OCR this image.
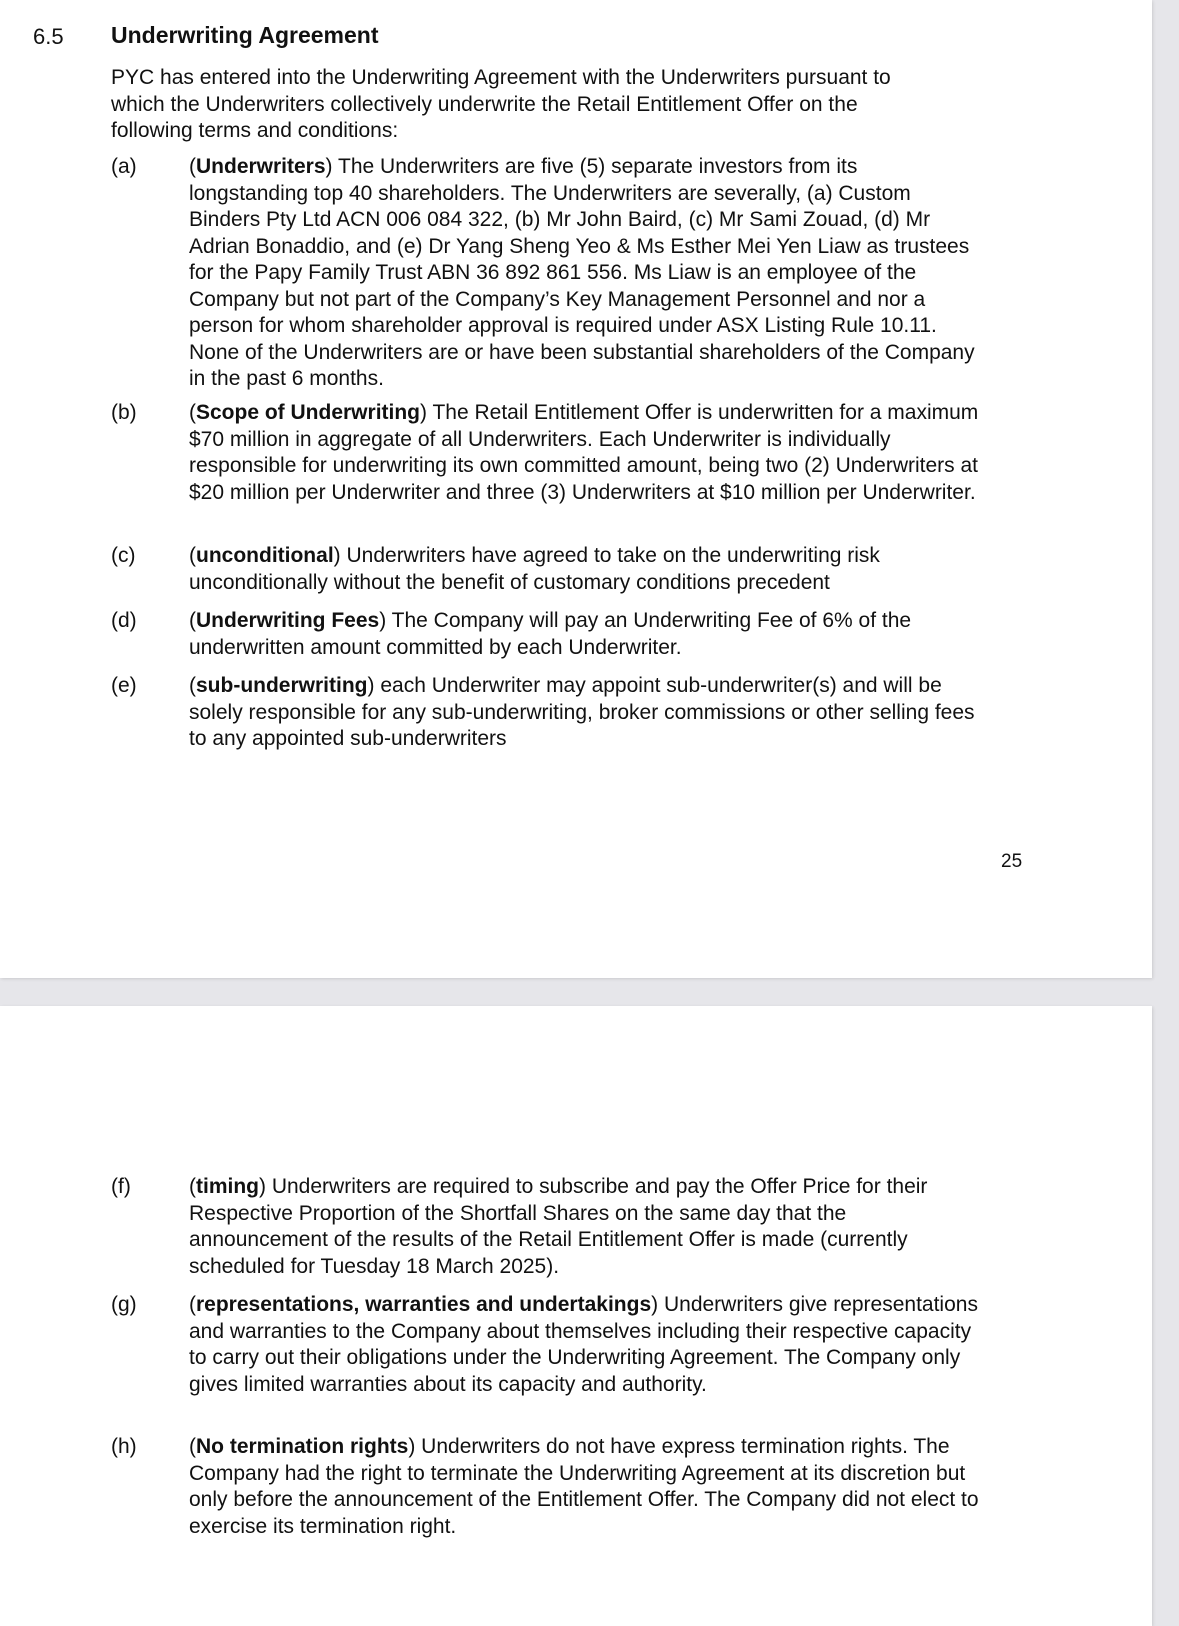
6.5 Underwriting Agreement
PYC has entered into the Underwriting Agreement with the Underwriters pursuant to which the Underwriters collectively underwrite the Retail Entitlement Offer on the following terms and conditions:
(a) (Underwriters) The Underwriters are five (5) separate investors from its longstanding top 40 shareholders. The Underwriters are severally, (a) Custom Binders Pty Ltd ACN 006 084 322, (b) Mr John Baird, (c) Mr Sami Zouad, (d) Mr Adrian Bonaddio, and (e) Dr Yang Sheng Yeo & Ms Esther Mei Yen Liaw as trustees for the Papy Family Trust ABN 36 892 861 556. Ms Liaw is an employee of the Company but not part of the Company’s Key Management Personnel and nor a person for whom shareholder approval is required under ASX Listing Rule 10.11. None of the Underwriters are or have been substantial shareholders of the Company in the past 6 months.
(b) (Scope of Underwriting) The Retail Entitlement Offer is underwritten for a maximum $70 million in aggregate of all Underwriters. Each Underwriter is individually responsible for underwriting its own committed amount, being two (2) Underwriters at $20 million per Underwriter and three (3) Underwriters at $10 million per Underwriter.
(c)	(unconditional) Underwriters have agreed to take on the underwriting risk unconditionally without the benefit of customary conditions precedent
(d) (Underwriting Fees) The Company will pay an Underwriting Fee of 6% of the underwritten amount committed by each Underwriter.
(e) (sub-underwriting) each Underwriter may appoint sub-underwriter(s) and will be solely responsible for any sub-underwriting, broker commissions or other selling fees to any appointed sub-underwriters
25
(f)	(timing) Underwriters are required to subscribe and pay the Offer Price for their Respective Proportion of the Shortfall Shares on the same day that the announcement of the results of the Retail Entitlement Offer is made (currently scheduled for Tuesday 18 March 2025).
(g) (representations, warranties and undertakings) Underwriters give representations and warranties to the Company about themselves including their respective capacity to carry out their obligations under the Underwriting Agreement. The Company only gives limited warranties about its capacity and authority.
(h) (No termination rights) Underwriters do not have express termination rights. The Company had the right to terminate the Underwriting Agreement at its discretion but only before the announcement of the Entitlement Offer. The Company did not elect to exercise its termination right.
